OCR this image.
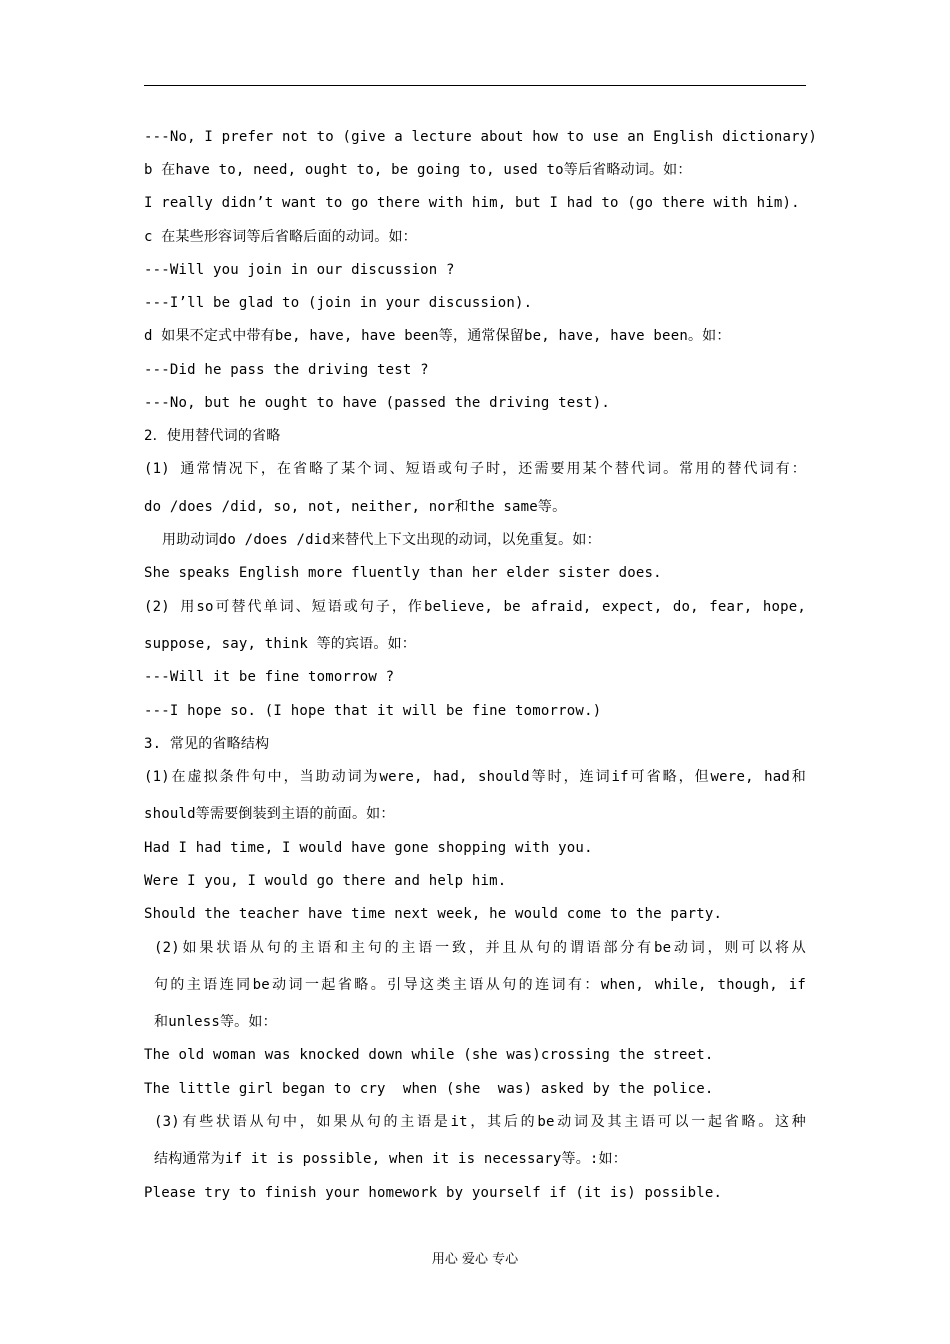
---No, I prefer not to (give a lecture about how to use an English dictionary)
b 在have to, need, ought to, be going to, used to等后省略动词。如：
I really didn’t want to go there with him, but I had to (go there with him).
c 在某些形容词等后省略后面的动词。如：
---Will you join in our discussion ?
---I’ll be glad to (join in your discussion).
d 如果不定式中带有be, have, have been等，通常保留be, have, have been。如：
---Did he pass the driving test ?
---No, but he ought to have (passed the driving test).
2．使用替代词的省略
(1) 通常情况下，在省略了某个词、短语或句子时，还需要用某个替代词。常用的替代词有：
do /does /did, so, not, neither, nor和the same等。
用助动词do /does /did来替代上下文出现的动词，以免重复。如：
She speaks English more fluently than her elder sister does.
(2) 用so可替代单词、短语或句子，作believe, be afraid, expect, do, fear, hope,
suppose, say, think 等的宾语。如：
---Will it be fine tomorrow ?
---I hope so. (I hope that it will be fine tomorrow.)
3. 常见的省略结构
(1)在虚拟条件句中，当助动词为were, had, should等时，连词if可省略，但were, had和
should等需要倒装到主语的前面。如：
Had I had time, I would have gone shopping with you.
Were I you, I would go there and help him.
Should the teacher have time next week, he would come to the party.
(2)如果状语从句的主语和主句的主语一致，并且从句的谓语部分有be动词，则可以将从
句的主语连同be动词一起省略。引导这类主语从句的连词有：when, while, though, if
和unless等。如：
The old woman was knocked down while (she was)crossing the street.
The little girl began to cry  when (she  was) asked by the police.
(3)有些状语从句中，如果从句的主语是it，其后的be动词及其主语可以一起省略。这种
结构通常为if it is possible, when it is necessary等。:如：
Please try to finish your homework by yourself if (it is) possible.
用心 爱心 专心
